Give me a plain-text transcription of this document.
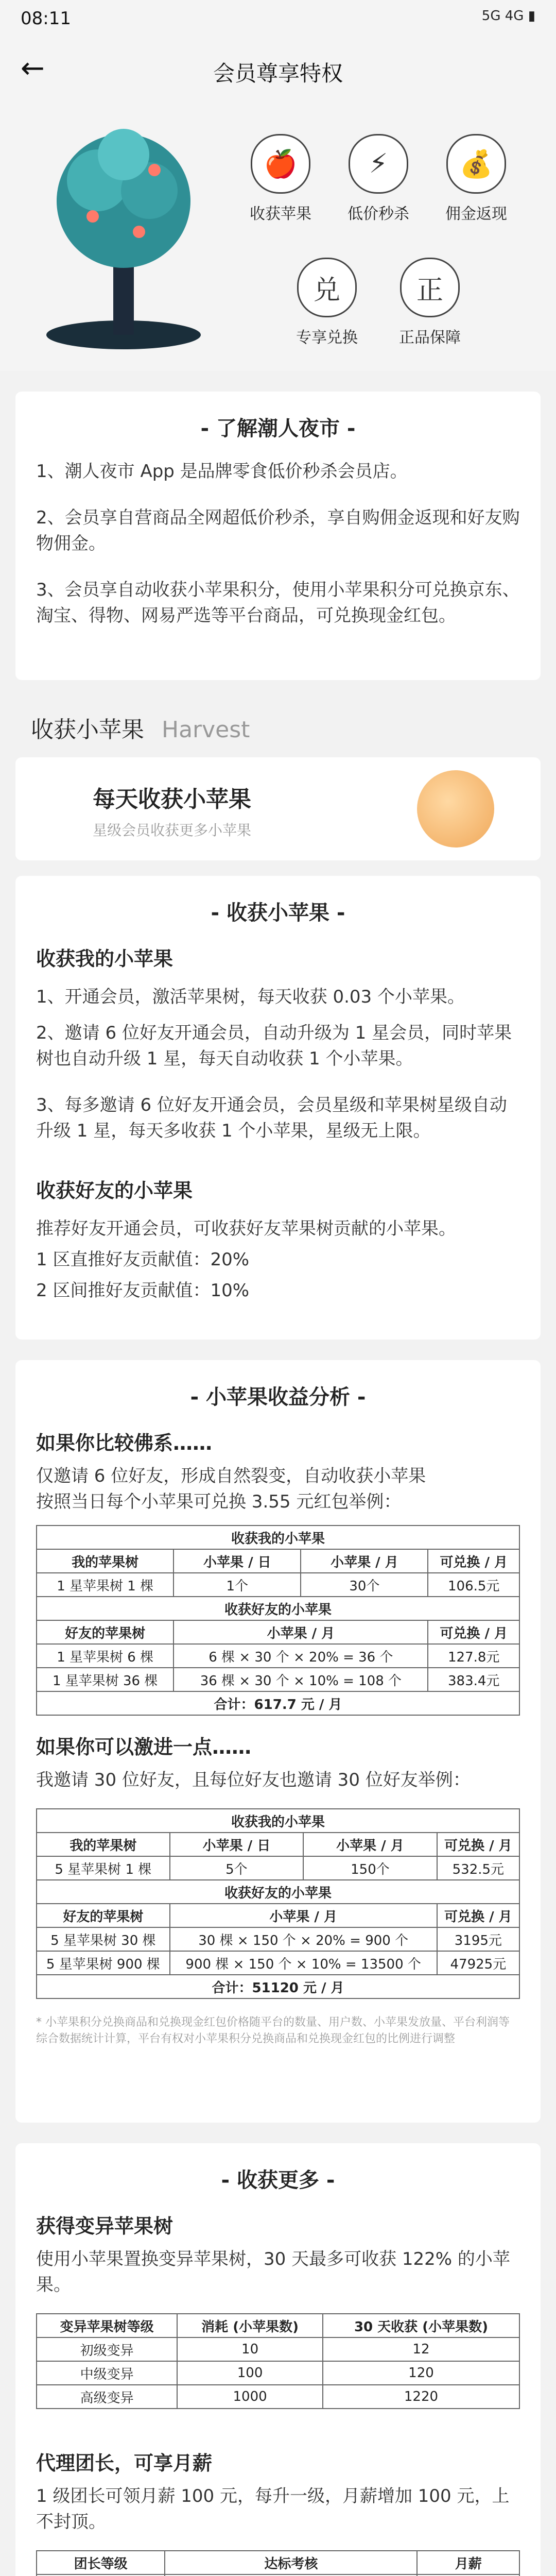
08:11	5G 4G ▮
←	会员尊享特权
🍎
收获苹果
⚡
低价秒杀
💰
佣金返现
兑
专享兑换
正
正品保障
- 了解潮人夜市 -
1、潮人夜市 App 是品牌零食低价秒杀会员店。
2、会员享自营商品全网超低价秒杀，享自购佣金返现和好友购物佣金。
3、会员享自动收获小苹果积分，使用小苹果积分可兑换京东、淘宝、得物、网易严选等平台商品，可兑换现金红包。
收获小苹果 Harvest
每天收获小苹果
星级会员收获更多小苹果
- 收获小苹果 -
收获我的小苹果
1、开通会员，激活苹果树，每天收获 0.03 个小苹果。
2、邀请 6 位好友开通会员，自动升级为 1 星会员，同时苹果树也自动升级 1 星，每天自动收获 1 个小苹果。
3、每多邀请 6 位好友开通会员，会员星级和苹果树星级自动升级 1 星，每天多收获 1 个小苹果，星级无上限。
收获好友的小苹果
推荐好友开通会员，可收获好友苹果树贡献的小苹果。
1 区直推好友贡献值：20%
2 区间推好友贡献值：10%
- 小苹果收益分析 -
如果你比较佛系……
仅邀请 6 位好友，形成自然裂变，自动收获小苹果
按照当日每个小苹果可兑换 3.55 元红包举例：
收获我的小苹果			
我的苹果树	小苹果 / 日	小苹果 / 月	可兑换 / 月
1 星苹果树 1 棵	1个	30个	106.5元
收获好友的小苹果			
好友的苹果树	小苹果 / 月		可兑换 / 月
1 星苹果树 6 棵	6 棵 × 30 个 × 20% = 36 个		127.8元
1 星苹果树 36 棵	36 棵 × 30 个 × 10% = 108 个		383.4元
合计：617.7 元 / 月			
如果你可以激进一点……
我邀请 30 位好友，且每位好友也邀请 30 位好友举例：
收获我的小苹果			
我的苹果树	小苹果 / 日	小苹果 / 月	可兑换 / 月
5 星苹果树 1 棵	5个	150个	532.5元
收获好友的小苹果			
好友的苹果树	小苹果 / 月		可兑换 / 月
5 星苹果树 30 棵	30 棵 × 150 个 × 20% = 900 个		3195元
5 星苹果树 900 棵	900 棵 × 150 个 × 10% = 13500 个		47925元
合计：51120 元 / 月			
* 小苹果积分兑换商品和兑换现金红包价格随平台的数量、用户数、小苹果发放量、平台利润等综合数据统计计算，平台有权对小苹果积分兑换商品和兑换现金红包的比例进行调整
- 收获更多 -
获得变异苹果树
使用小苹果置换变异苹果树，30 天最多可收获 122% 的小苹果。
变异苹果树等级	消耗 (小苹果数)	30 天收获 (小苹果数)
初级变异	10	12
中级变异	100	120
高级变异	1000	1220
代理团长，可享月薪
1 级团长可领月薪 100 元，每升一级，月薪增加 100 元，上不封顶。
团长等级	达标考核	月薪
